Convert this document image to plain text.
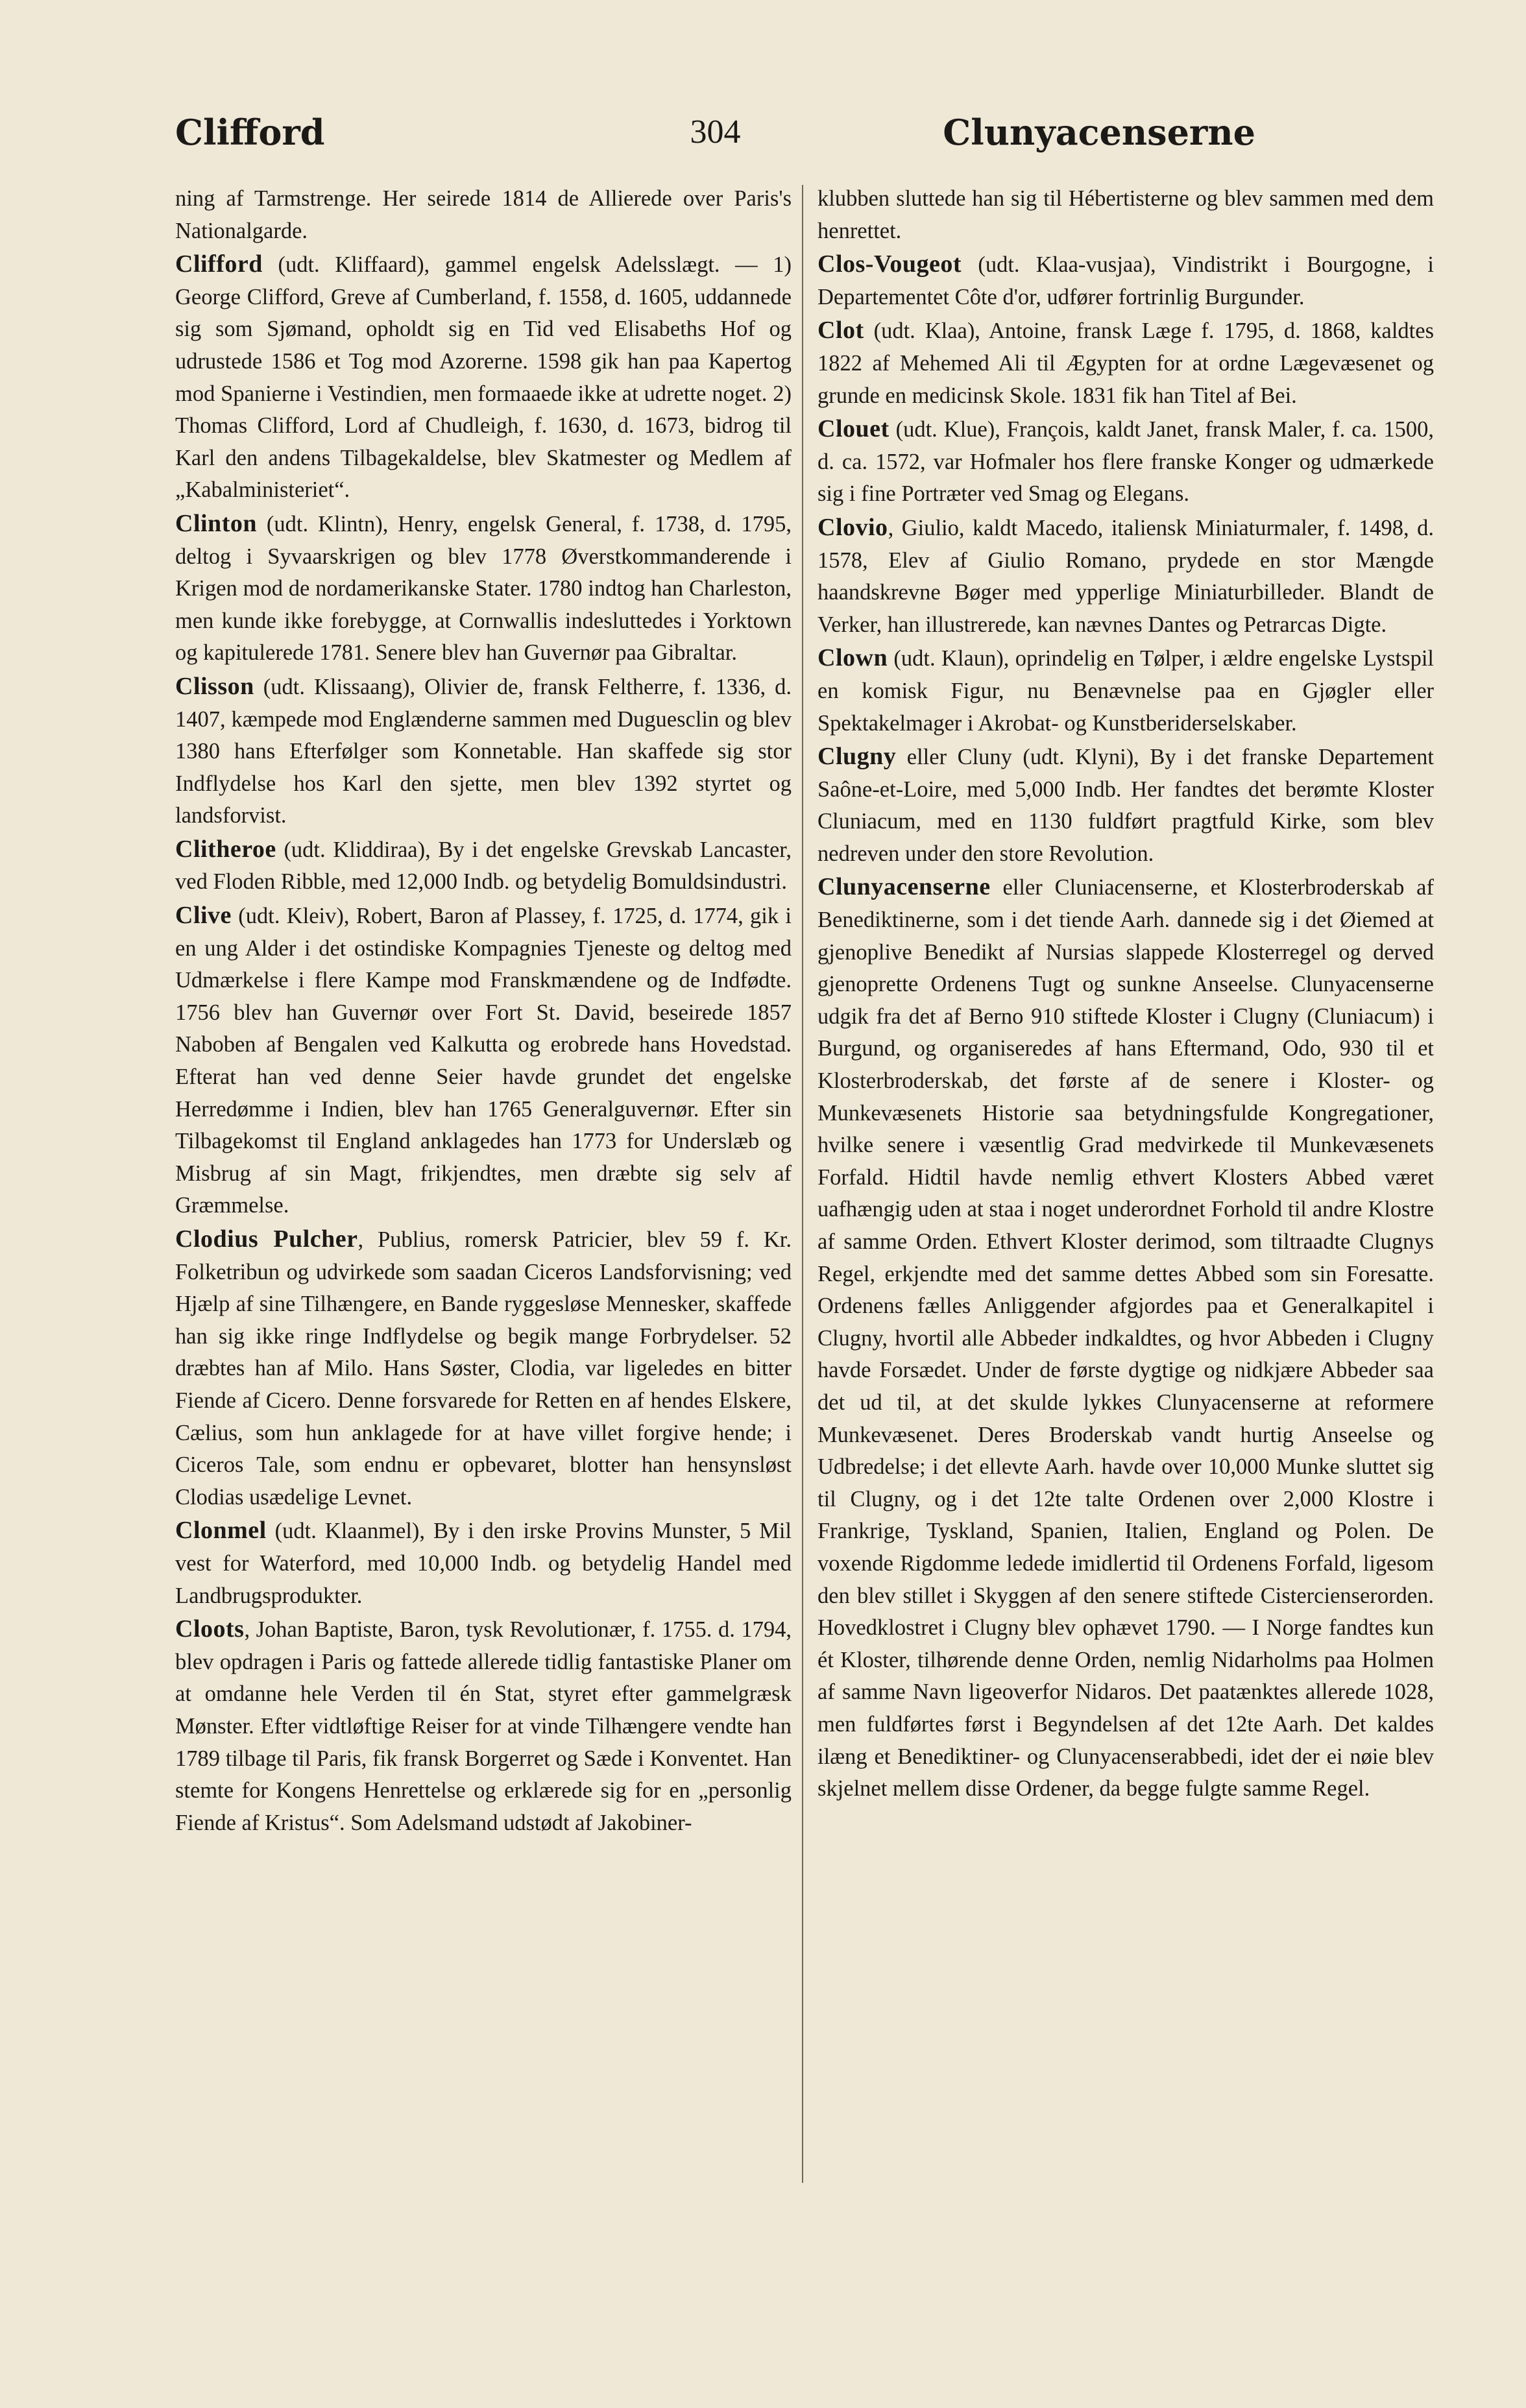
Clifford	304	Clunyacenserne

ning af Tarmstrenge. Her seirede 1814 de Allierede over Paris's Nationalgarde.

Clifford (udt. Kliffaard), gammel engelsk Adelsslægt. — 1) George Clifford, Greve af Cumberland, f. 1558, d. 1605, uddannede sig som Sjømand, opholdt sig en Tid ved Elisabeths Hof og udrustede 1586 et Tog mod Azorerne. 1598 gik han paa Kapertog mod Spanierne i Vestindien, men formaaede ikke at udrette noget. 2) Thomas Clifford, Lord af Chudleigh, f. 1630, d. 1673, bidrog til Karl den andens Tilbagekaldelse, blev Skatmester og Medlem af „Kabalministeriet“.

Clinton (udt. Klintn), Henry, engelsk General, f. 1738, d. 1795, deltog i Syvaarskrigen og blev 1778 Øverstkommanderende i Krigen mod de nordamerikanske Stater. 1780 indtog han Charleston, men kunde ikke forebygge, at Cornwallis indesluttedes i Yorktown og kapitulerede 1781. Senere blev han Guvernør paa Gibraltar.

Clisson (udt. Klissaang), Olivier de, fransk Feltherre, f. 1336, d. 1407, kæmpede mod Englænderne sammen med Duguesclin og blev 1380 hans Efterfølger som Konnetable. Han skaffede sig stor Indflydelse hos Karl den sjette, men blev 1392 styrtet og landsforvist.

Clitheroe (udt. Kliddiraa), By i det engelske Grevskab Lancaster, ved Floden Ribble, med 12,000 Indb. og betydelig Bomuldsindustri.

Clive (udt. Kleiv), Robert, Baron af Plassey, f. 1725, d. 1774, gik i en ung Alder i det ostindiske Kompagnies Tjeneste og deltog med Udmærkelse i flere Kampe mod Franskmændene og de Indfødte. 1756 blev han Guvernør over Fort St. David, beseirede 1857 Naboben af Bengalen ved Kalkutta og erobrede hans Hovedstad. Efterat han ved denne Seier havde grundet det engelske Herredømme i Indien, blev han 1765 Generalguvernør. Efter sin Tilbagekomst til England anklagedes han 1773 for Underslæb og Misbrug af sin Magt, frikjendtes, men dræbte sig selv af Græmmelse.

Clodius Pulcher, Publius, romersk Patricier, blev 59 f. Kr. Folketribun og udvirkede som saadan Ciceros Landsforvisning; ved Hjælp af sine Tilhængere, en Bande ryggesløse Mennesker, skaffede han sig ikke ringe Indflydelse og begik mange Forbrydelser. 52 dræbtes han af Milo. Hans Søster, Clodia, var ligeledes en bitter Fiende af Cicero. Denne forsvarede for Retten en af hendes Elskere, Cælius, som hun anklagede for at have villet forgive hende; i Ciceros Tale, som endnu er opbevaret, blotter han hensynsløst Clodias usædelige Levnet.

Clonmel (udt. Klaanmel), By i den irske Provins Munster, 5 Mil vest for Waterford, med 10,000 Indb. og betydelig Handel med Landbrugsprodukter.

Cloots, Johan Baptiste, Baron, tysk Revolutionær, f. 1755. d. 1794, blev opdragen i Paris og fattede allerede tidlig fantastiske Planer om at omdanne hele Verden til én Stat, styret efter gammelgræsk Mønster. Efter vidtløftige Reiser for at vinde Tilhængere vendte han 1789 tilbage til Paris, fik fransk Borgerret og Sæde i Konventet. Han stemte for Kongens Henrettelse og erklærede sig for en „personlig Fiende af Kristus“. Som Adelsmand udstødt af Jakobiner-

klubben sluttede han sig til Hébertisterne og blev sammen med dem henrettet.

Clos-Vougeot (udt. Klaa-vusjaa), Vindistrikt i Bourgogne, i Departementet Côte d'or, udfører fortrinlig Burgunder.

Clot (udt. Klaa), Antoine, fransk Læge f. 1795, d. 1868, kaldtes 1822 af Mehemed Ali til Ægypten for at ordne Lægevæsenet og grunde en medicinsk Skole. 1831 fik han Titel af Bei.

Clouet (udt. Klue), François, kaldt Janet, fransk Maler, f. ca. 1500, d. ca. 1572, var Hofmaler hos flere franske Konger og udmærkede sig i fine Portræter ved Smag og Elegans.

Clovio, Giulio, kaldt Macedo, italiensk Miniaturmaler, f. 1498, d. 1578, Elev af Giulio Romano, prydede en stor Mængde haandskrevne Bøger med ypperlige Miniaturbilleder. Blandt de Verker, han illustrerede, kan nævnes Dantes og Petrarcas Digte.

Clown (udt. Klaun), oprindelig en Tølper, i ældre engelske Lystspil en komisk Figur, nu Benævnelse paa en Gjøgler eller Spektakelmager i Akrobat- og Kunstberiderselskaber.

Clugny eller Cluny (udt. Klyni), By i det franske Departement Saône-et-Loire, med 5,000 Indb. Her fandtes det berømte Kloster Cluniacum, med en 1130 fuldført pragtfuld Kirke, som blev nedreven under den store Revolution.

Clunyacenserne eller Cluniacenserne, et Klosterbroderskab af Benediktinerne, som i det tiende Aarh. dannede sig i det Øiemed at gjenoplive Benedikt af Nursias slappede Klosterregel og derved gjenoprette Ordenens Tugt og sunkne Anseelse. Clunyacenserne udgik fra det af Berno 910 stiftede Kloster i Clugny (Cluniacum) i Burgund, og organiseredes af hans Eftermand, Odo, 930 til et Klosterbroderskab, det første af de senere i Kloster- og Munkevæsenets Historie saa betydningsfulde Kongregationer, hvilke senere i væsentlig Grad medvirkede til Munkevæsenets Forfald. Hidtil havde nemlig ethvert Klosters Abbed været uafhængig uden at staa i noget underordnet Forhold til andre Klostre af samme Orden. Ethvert Kloster derimod, som tiltraadte Clugnys Regel, erkjendte med det samme dettes Abbed som sin Foresatte. Ordenens fælles Anliggender afgjordes paa et Generalkapitel i Clugny, hvortil alle Abbeder indkaldtes, og hvor Abbeden i Clugny havde Forsædet. Under de første dygtige og nidkjære Abbeder saa det ud til, at det skulde lykkes Clunyacenserne at reformere Munkevæsenet. Deres Broderskab vandt hurtig Anseelse og Udbredelse; i det ellevte Aarh. havde over 10,000 Munke sluttet sig til Clugny, og i det 12te talte Ordenen over 2,000 Klostre i Frankrige, Tyskland, Spanien, Italien, England og Polen. De voxende Rigdomme ledede imidlertid til Ordenens Forfald, ligesom den blev stillet i Skyggen af den senere stiftede Cistercienserorden. Hovedklostret i Clugny blev ophævet 1790. — I Norge fandtes kun ét Kloster, tilhørende denne Orden, nemlig Nidarholms paa Holmen af samme Navn ligeoverfor Nidaros. Det paatænktes allerede 1028, men fuldførtes først i Begyndelsen af det 12te Aarh. Det kaldes ilæng et Benediktiner- og Clunyacenserabbedi, idet der ei nøie blev skjelnet mellem disse Ordener, da begge fulgte samme Regel.
